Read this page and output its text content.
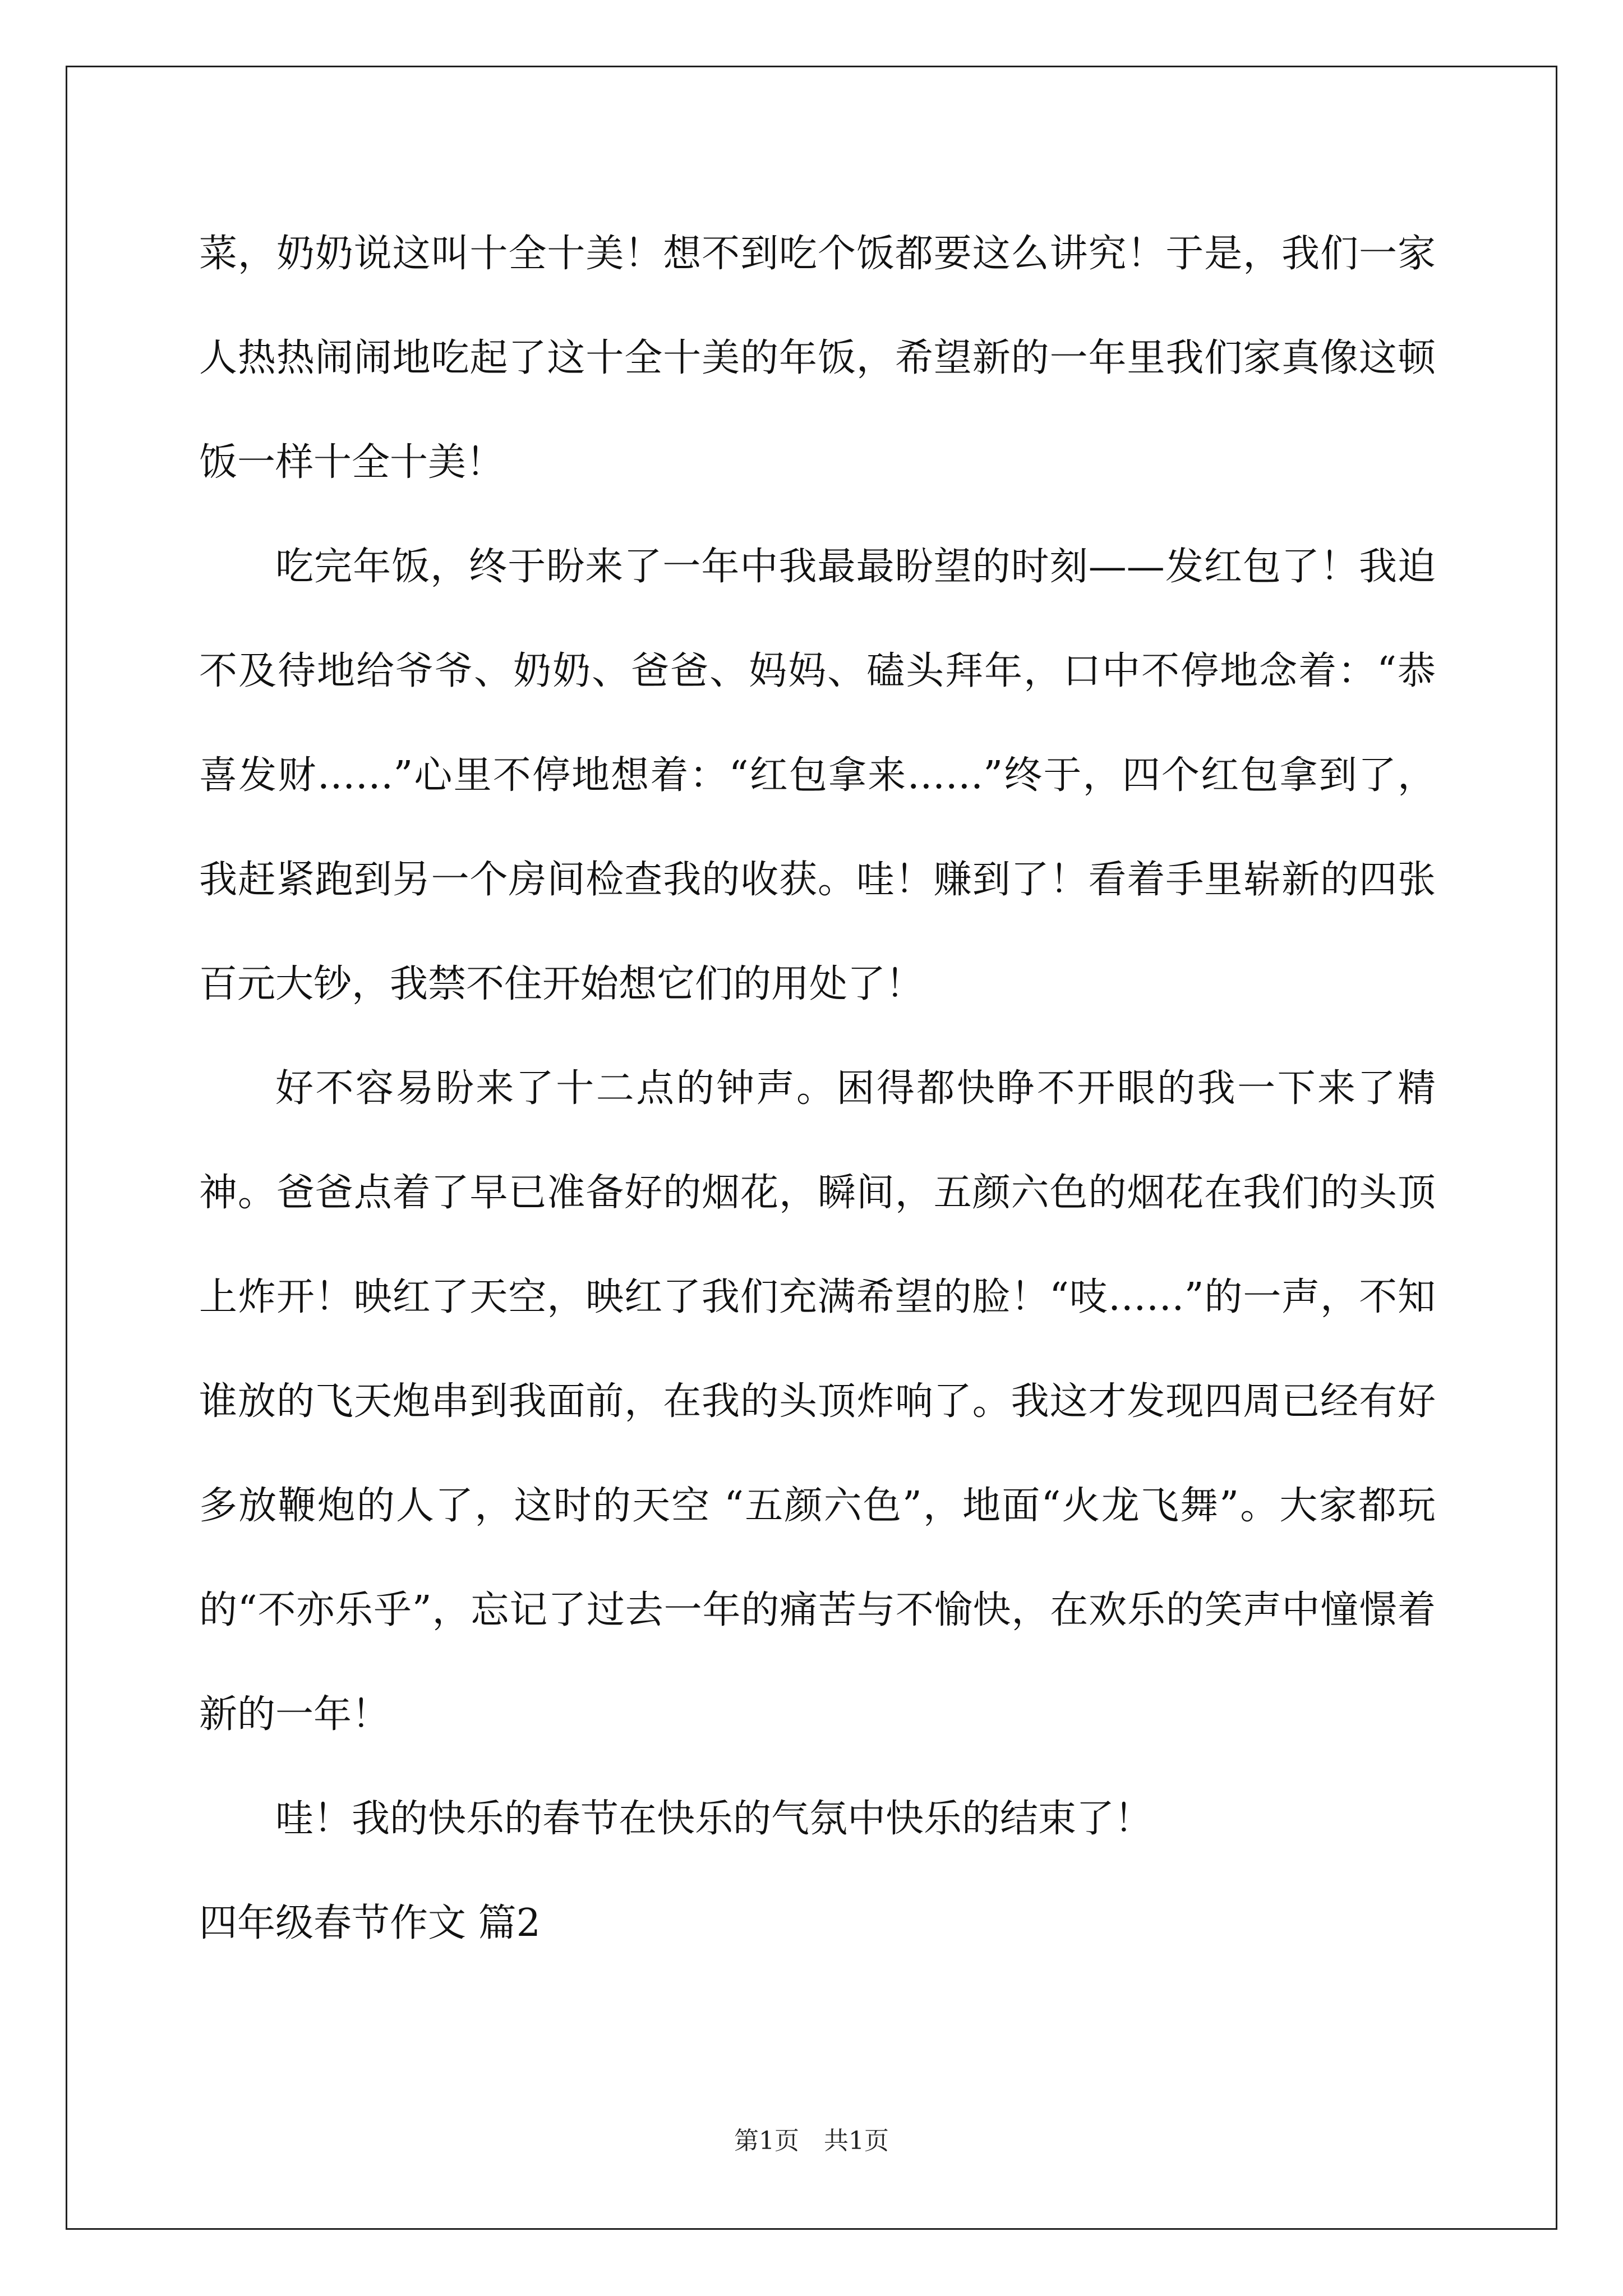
菜，奶奶说这叫十全十美！想不到吃个饭都要这么讲究！于是，我们一家人热热闹闹地吃起了这十全十美的年饭，希望新的一年里我们家真像这顿饭一样十全十美！

吃完年饭，终于盼来了一年中我最最盼望的时刻——发红包了！我迫不及待地给爷爷、奶奶、爸爸、妈妈、磕头拜年，口中不停地念着：“恭喜发财……”心里不停地想着：“红包拿来……”终于，四个红包拿到了，我赶紧跑到另一个房间检查我的收获。哇！赚到了！看着手里崭新的四张百元大钞，我禁不住开始想它们的用处了！

好不容易盼来了十二点的钟声。困得都快睁不开眼的我一下来了精神。爸爸点着了早已准备好的烟花，瞬间，五颜六色的烟花在我们的头顶上炸开！映红了天空，映红了我们充满希望的脸！“吱……”的一声，不知谁放的飞天炮串到我面前，在我的头顶炸响了。我这才发现四周已经有好多放鞭炮的人了，这时的天空 “五颜六色”，地面“火龙飞舞”。大家都玩的“不亦乐乎”，忘记了过去一年的痛苦与不愉快，在欢乐的笑声中憧憬着新的一年！

哇！我的快乐的春节在快乐的气氛中快乐的结束了！

四年级春节作文 篇2

第1页　共1页
